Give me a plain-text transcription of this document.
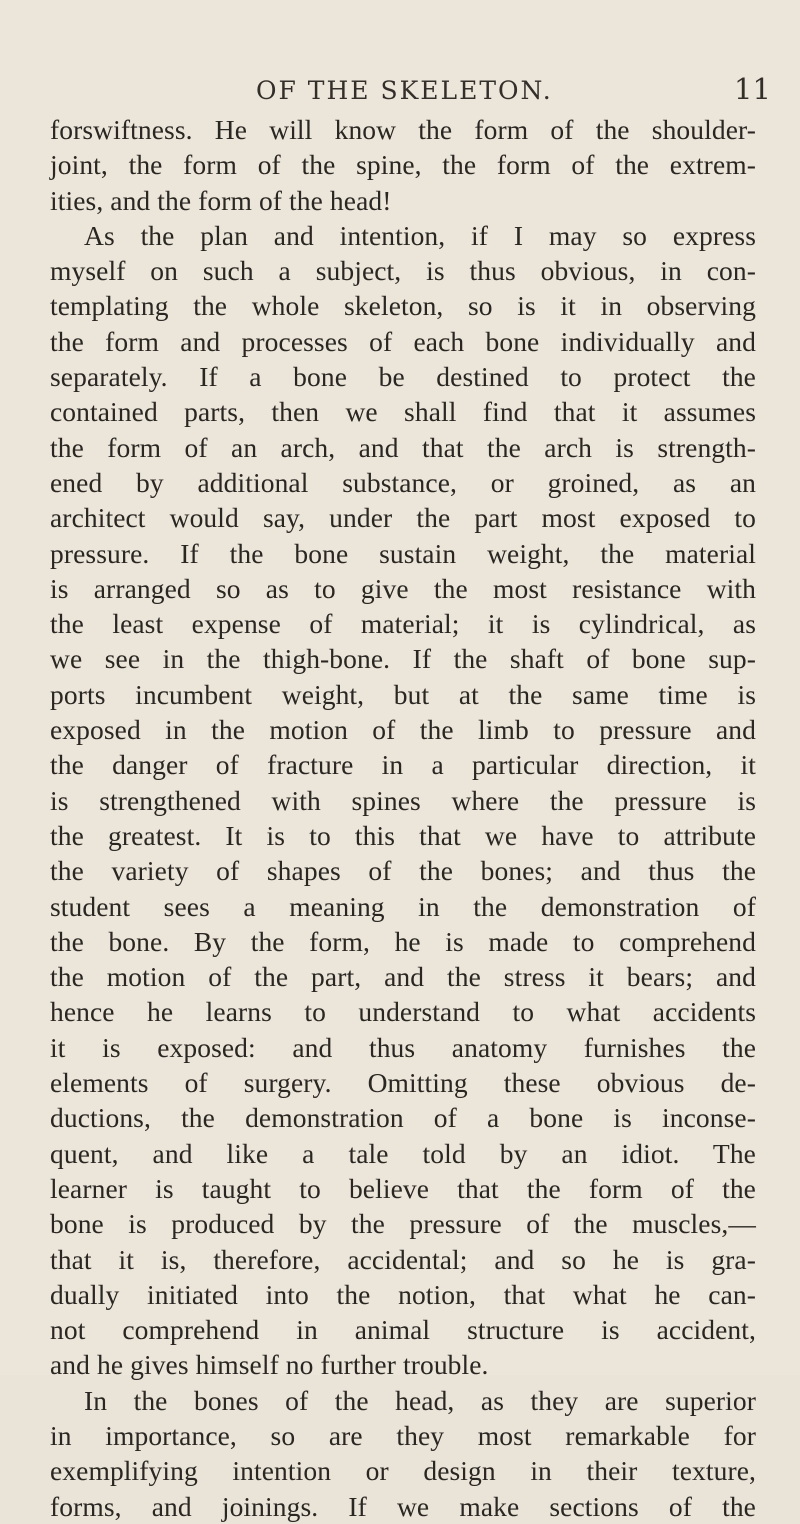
OF THE SKELETON.	11
forswiftness. He will know the form of the shoulder-
joint, the form of the spine, the form of the extrem-
ities, and the form of the head!
As the plan and intention, if I may so express
myself on such a subject, is thus obvious, in con-
templating the whole skeleton, so is it in observing
the form and processes of each bone individually and
separately. If a bone be destined to protect the
contained parts, then we shall find that it assumes
the form of an arch, and that the arch is strength-
ened by additional substance, or groined, as an
architect would say, under the part most exposed to
pressure. If the bone sustain weight, the material
is arranged so as to give the most resistance with
the least expense of material; it is cylindrical, as
we see in the thigh-bone. If the shaft of bone sup-
ports incumbent weight, but at the same time is
exposed in the motion of the limb to pressure and
the danger of fracture in a particular direction, it
is strengthened with spines where the pressure is
the greatest. It is to this that we have to attribute
the variety of shapes of the bones; and thus the
student sees a meaning in the demonstration of
the bone. By the form, he is made to comprehend
the motion of the part, and the stress it bears; and
hence he learns to understand to what accidents
it is exposed: and thus anatomy furnishes the
elements of surgery. Omitting these obvious de-
ductions, the demonstration of a bone is inconse-
quent, and like a tale told by an idiot. The
learner is taught to believe that the form of the
bone is produced by the pressure of the muscles,—
that it is, therefore, accidental; and so he is gra-
dually initiated into the notion, that what he can-
not comprehend in animal structure is accident,
and he gives himself no further trouble.
In the bones of the head, as they are superior
in importance, so are they most remarkable for
exemplifying intention or design in their texture,
forms, and joinings. If we make sections of the
